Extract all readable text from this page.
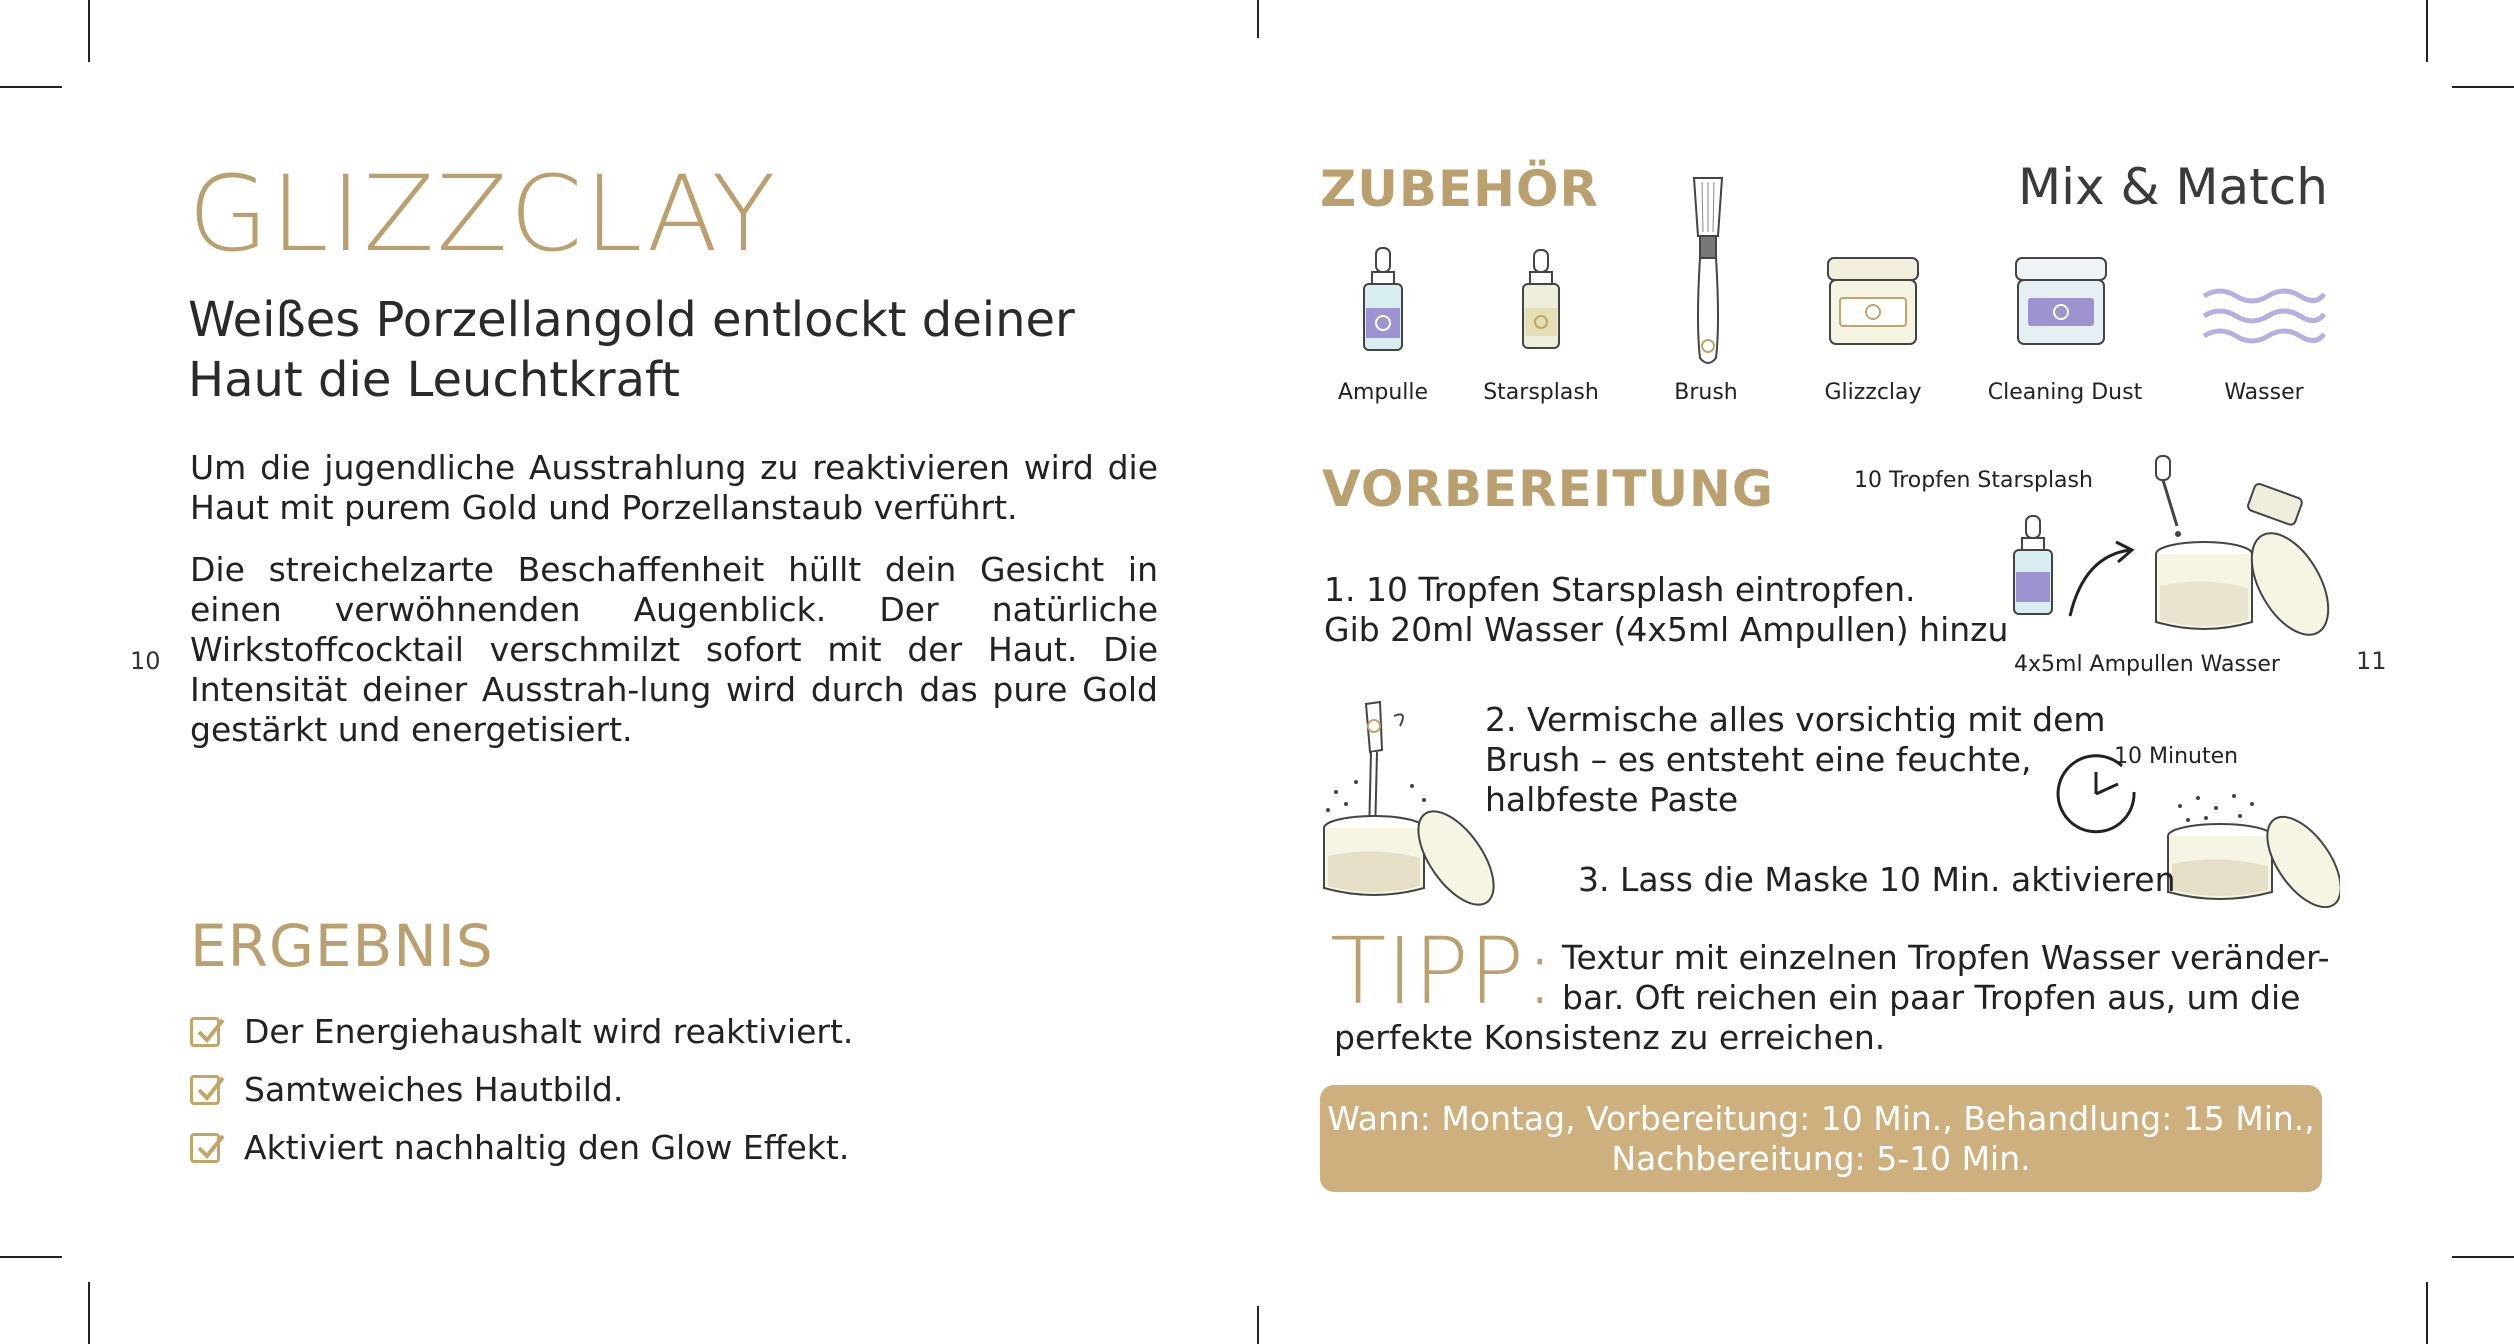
GLIZZCLAY
Weißes Porzellangold entlockt deiner
Haut die Leuchtkraft
Um die jugendliche Ausstrahlung zu reaktivieren wird die Haut mit purem Gold und Porzellanstaub verführt.
Die streichelzarte Beschaffenheit hüllt dein Gesicht in einen verwöhnenden Augenblick. Der natürliche Wirkstoffcocktail verschmilzt sofort mit der Haut. Die Intensität deiner Ausstrah-lung wird durch das pure Gold gestärkt und energetisiert.
10
ERGEBNIS
Der Energiehaushalt wird reaktiviert.
Samtweiches Hautbild.
Aktiviert nachhaltig den Glow Effekt.
ZUBEHÖR	Mix & Match
Ampulle	Starsplash	Brush	Glizzclay	Cleaning Dust	Wasser
VORBEREITUNG	10 Tropfen Starsplash
1. 10 Tropfen Starsplash eintropfen.
Gib 20ml Wasser (4x5ml Ampullen) hinzu
4x5ml Ampullen Wasser	11
2. Vermische alles vorsichtig mit dem
Brush – es entsteht eine feuchte,
halbfeste Paste
10 Minuten
3. Lass die Maske 10 Min. aktivieren
TIPP: Textur mit einzelnen Tropfen Wasser veränder-
bar. Oft reichen ein paar Tropfen aus, um die
perfekte Konsistenz zu erreichen.
Wann: Montag, Vorbereitung: 10 Min., Behandlung: 15 Min.,
Nachbereitung: 5-10 Min.
